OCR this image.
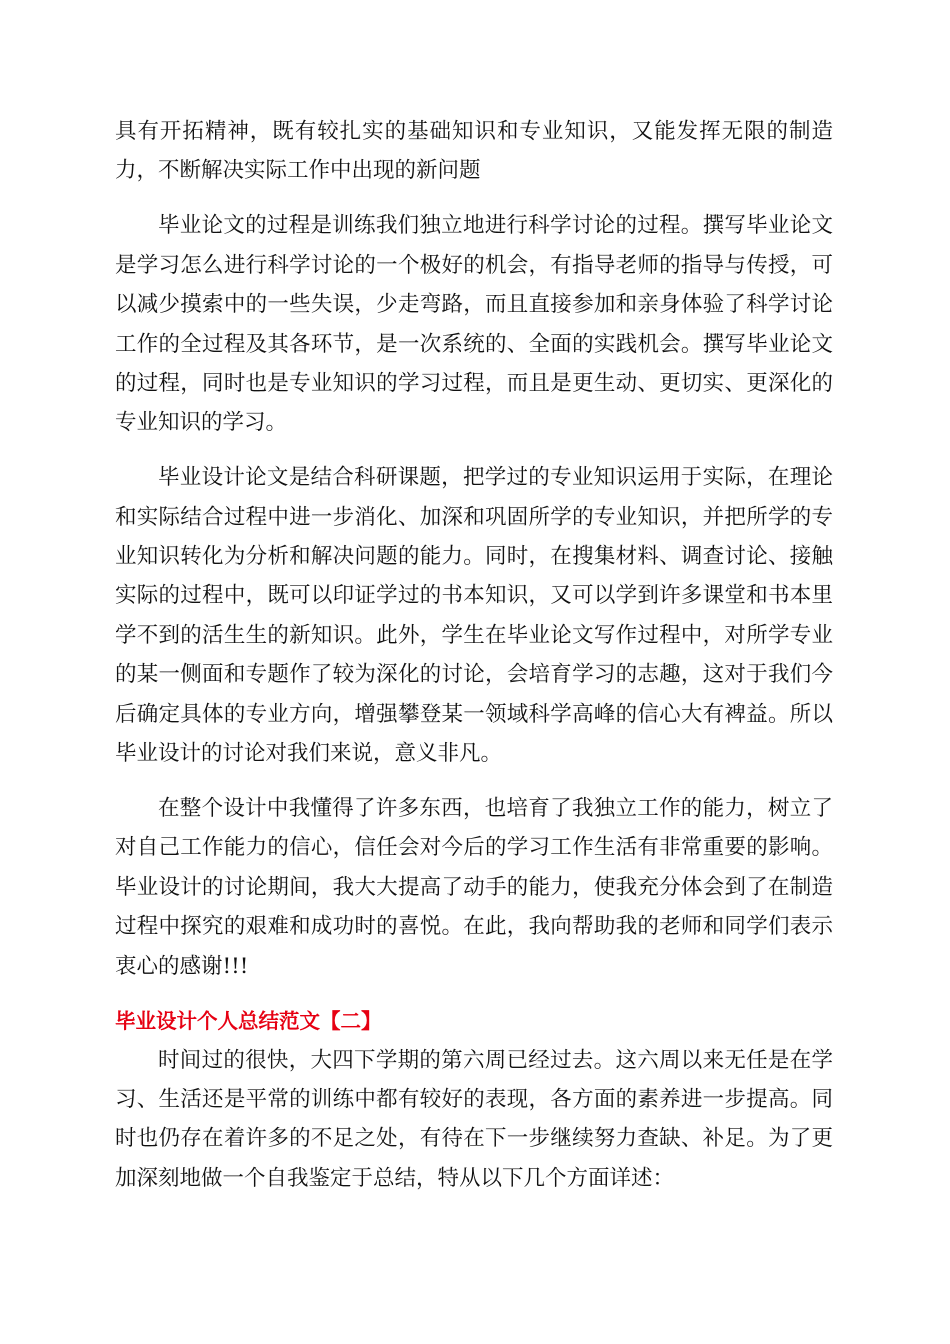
具有开拓精神，既有较扎实的基础知识和专业知识，又能发挥无限的制造力，不断解决实际工作中出现的新问题

毕业论文的过程是训练我们独立地进行科学讨论的过程。撰写毕业论文是学习怎么进行科学讨论的一个极好的机会，有指导老师的指导与传授，可以减少摸索中的一些失误，少走弯路，而且直接参加和亲身体验了科学讨论工作的全过程及其各环节，是一次系统的、全面的实践机会。撰写毕业论文的过程，同时也是专业知识的学习过程，而且是更生动、更切实、更深化的专业知识的学习。

毕业设计论文是结合科研课题，把学过的专业知识运用于实际，在理论和实际结合过程中进一步消化、加深和巩固所学的专业知识，并把所学的专业知识转化为分析和解决问题的能力。同时，在搜集材料、调查讨论、接触实际的过程中，既可以印证学过的书本知识，又可以学到许多课堂和书本里学不到的活生生的新知识。此外，学生在毕业论文写作过程中，对所学专业的某一侧面和专题作了较为深化的讨论，会培育学习的志趣，这对于我们今后确定具体的专业方向，增强攀登某一领域科学高峰的信心大有裨益。所以毕业设计的讨论对我们来说，意义非凡。

在整个设计中我懂得了许多东西，也培育了我独立工作的能力，树立了对自己工作能力的信心，信任会对今后的学习工作生活有非常重要的影响。毕业设计的讨论期间，我大大提高了动手的能力，使我充分体会到了在制造过程中探究的艰难和成功时的喜悦。在此，我向帮助我的老师和同学们表示衷心的感谢!!!

毕业设计个人总结范文【二】

时间过的很快，大四下学期的第六周已经过去。这六周以来无任是在学习、生活还是平常的训练中都有较好的表现，各方面的素养进一步提高。同时也仍存在着许多的不足之处，有待在下一步继续努力查缺、补足。为了更加深刻地做一个自我鉴定于总结，特从以下几个方面详述：
